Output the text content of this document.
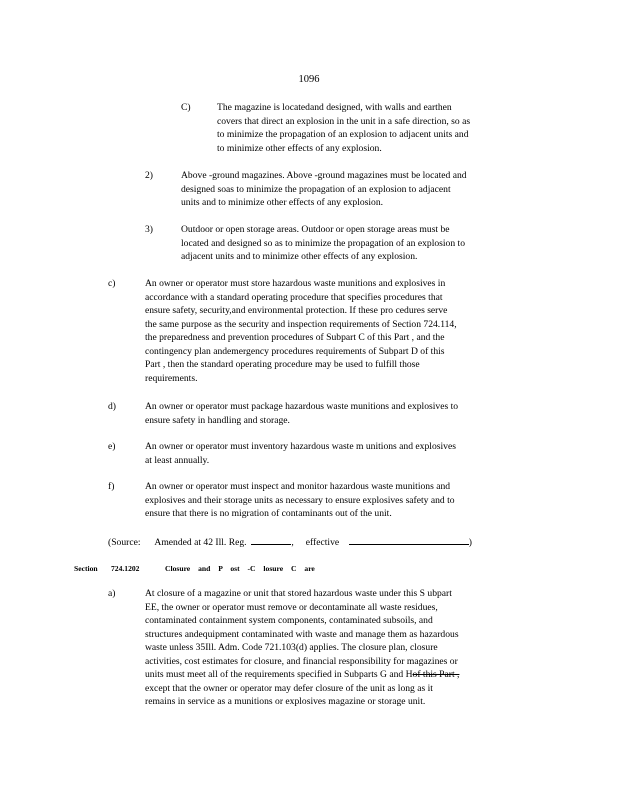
1096
C)	The magazine is locatedand designed, with walls and earthen
covers that direct an explosion in the unit in a safe direction, so as
to minimize the propagation of an explosion to adjacent units and
to minimize other effects of any explosion.
2)	Above -ground magazines. Above -ground magazines must be located and
designed soas to minimize the propagation of an explosion to adjacent
units and to minimize other effects of any explosion.
3)	Outdoor or open storage areas. Outdoor or open storage areas must be
located and designed so as to minimize the propagation of an explosion to
adjacent units and to minimize other effects of any explosion.
c)	An owner or operator must store hazardous waste munitions and explosives in
accordance with a standard operating procedure that specifies procedures that
ensure safety, security,and environmental protection. If these pro cedures serve
the same purpose as the security and inspection requirements of Section 724.114,
the preparedness and prevention procedures of Subpart C of this Part , and the
contingency plan andemergency procedures requirements of Subpart D of this
Part , then the standard operating procedure may be used to fulfill those
requirements.
d)	An owner or operator must package hazardous waste munitions and explosives to
ensure safety in handling and storage.
e)	An owner or operator must inventory hazardous waste m unitions and explosives
at least annually.
f)	An owner or operator must inspect and monitor hazardous waste munitions and
explosives and their storage units as necessary to ensure explosives safety and to
ensure that there is no migration of contaminants out of the unit.
(Source: Amended at 42 Ill. Reg.	, effective	)
Section 724.1202	Closure and P ost -C losure C are
a)	At closure of a magazine or unit that stored hazardous waste under this S ubpart
EE, the owner or operator must remove or decontaminate all waste residues,
contaminated containment system components, contaminated subsoils, and
structures andequipment contaminated with waste and manage them as hazardous
waste unless 35Ill. Adm. Code 721.103(d) applies. The closure plan, closure
activities, cost estimates for closure, and financial responsibility for magazines or
units must meet all of the requirements specified in Subparts G and Hof this Part ,
except that the owner or operator may defer closure of the unit as long as it
remains in service as a munitions or explosives magazine or storage unit.
